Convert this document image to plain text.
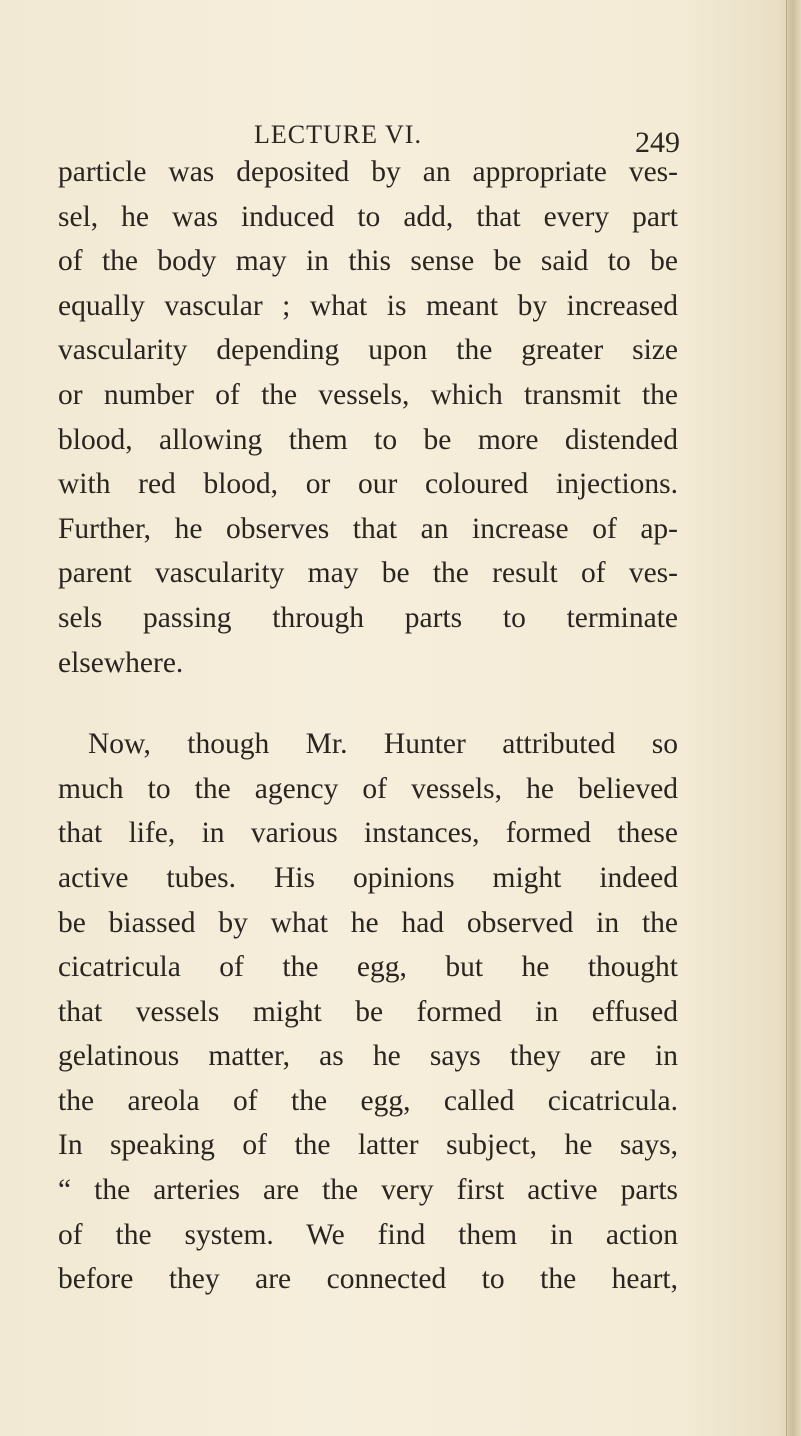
LECTURE VI.	249
particle was deposited by an appropriate ves-
sel, he was induced to add, that every part
of the body may in this sense be said to be
equally vascular ; what is meant by increased
vascularity depending upon the greater size
or number of the vessels, which transmit the
blood, allowing them to be more distended
with red blood, or our coloured injections.
Further, he observes that an increase of ap-
parent vascularity may be the result of ves-
sels passing through parts to terminate
elsewhere.
Now, though Mr. Hunter attributed so
much to the agency of vessels, he believed
that life, in various instances, formed these
active tubes. His opinions might indeed
be biassed by what he had observed in the
cicatricula of the egg, but he thought
that vessels might be formed in effused
gelatinous matter, as he says they are in
the areola of the egg, called cicatricula.
In speaking of the latter subject, he says,
“ the arteries are the very first active parts
of the system. We find them in action
before they are connected to the heart,
